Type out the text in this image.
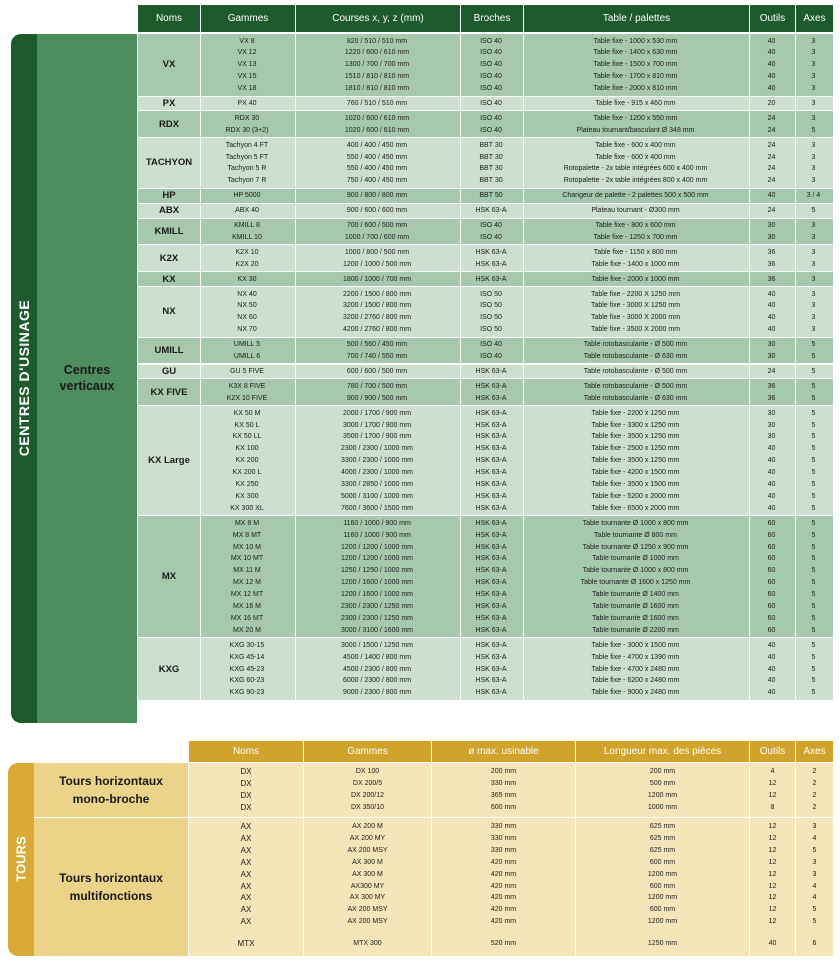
Noms	Gammes	Courses x, y, z (mm)	Broches	Table / palettes	Outils	Axes
CENTRES D'USINAGE	Centres verticaux
VX
VX 8	820 / 510 / 510 mm	ISO 40	Table fixe - 1000 x 530 mm	40	3
VX 12	1220 / 600 / 610 mm	ISO 40	Table fixe - 1400 x 630 mm	40	3
VX 13	1300 / 700 / 700 mm	ISO 40	Table fixe - 1500 x 700 mm	40	3
VX 15	1510 / 810 / 810 mm	ISO 40	Table fixe - 1700 x 810 mm	40	3
VX 18	1810 / 810 / 810 mm	ISO 40	Table fixe - 2000 x 810 mm	40	3
PX	PX 40	760 / 510 / 510 mm	ISO 40	Table fixe - 915 x 460 mm	20	3
RDX
RDX 30	1020 / 600 / 610 mm	ISO 40	Table fixe - 1200 x 550 mm	24	3
RDX 30 (3+2)	1020 / 600 / 610 mm	ISO 40	Plateau tournant/basculant Ø 348 mm	24	5
TACHYON
Tachyon 4 FT	400 / 400 / 450 mm	BBT 30	Table fixe - 600 x 400 mm	24	3
Tachyon 5 FT	550 / 400 / 450 mm	BBT 30	Table fixe - 600 x 400 mm	24	3
Tachyon 5 R	550 / 400 / 450 mm	BBT 30	Rotopalette - 2x table intégrées 600 x 400 mm	24	3
Tachyon 7 R	750 / 400 / 450 mm	BBT 30	Rotopalette - 2x table intégrées 800 x 400 mm	24	3
HP	HP 5000	900 / 800 / 800 mm	BBT 50	Changeur de palette - 2 palettes 500 x 500 mm	40	3 / 4
ABX	ABX 40	900 / 600 / 600 mm	HSK 63-A	Plateau tournant - Ø300 mm	24	5
KMILL
KMILL 8	700 / 600 / 500 mm	ISO 40	Table fixe - 800 x 600 mm	30	3
KMILL 10	1000 / 700 / 600 mm	ISO 40	Table fixe - 1250 x 700 mm	30	3
K2X
K2X 10	1000 / 800 / 500 mm	HSK 63-A	Table fixe - 1150 x 800 mm	36	3
K2X 20	1200 / 1000 / 500 mm	HSK 63-A	Table fixe - 1400 x 1000 mm	36	3
KX	KX 30	1800 / 1000 / 700 mm	HSK 63-A	Table fixe - 2000 x 1000 mm	36	3
NX
NX 40	2200 / 1500 / 800 mm	ISO 50	Table fixe - 2200 X 1250 mm	40	3
NX 50	3200 / 1500 / 800 mm	ISO 50	Table fixe - 3000 X 1250 mm	40	3
NX 60	3200 / 2760 / 800 mm	ISO 50	Table fixe - 3000 X 2000 mm	40	3
NX 70	4200 / 2760 / 800 mm	ISO 50	Table fixe - 3500 X 2000 mm	40	3
UMILL
UMILL 5	500 / 560 / 450 mm	ISO 40	Table rotobasculante - Ø 500 mm	30	5
UMILL 6	700 / 740 / 550 mm	ISO 40	Table rotobasculante - Ø 630 mm	30	5
GU	GU 5 FIVE	600 / 600 / 500 mm	HSK 63-A	Table rotobasculante - Ø 500 mm	24	5
KX FIVE
K3X 8 FIVE	780 / 700 / 500 mm	HSK 63-A	Table rotobasculante - Ø 500 mm	36	5
K2X 10 FIVE	900 / 900 / 500 mm	HSK 63-A	Table rotobasculante - Ø 630 mm	36	5
KX Large
KX 50 M	2000 / 1700 / 900 mm	HSK 63-A	Table fixe - 2200 x 1250 mm	30	5
KX 50 L	3000 / 1700 / 900 mm	HSK 63-A	Table fixe - 3300 x 1250 mm	30	5
KX 50 LL	3500 / 1700 / 900 mm	HSK 63-A	Table fixe - 3500 x 1250 mm	30	5
KX 100	2300 / 2300 / 1000 mm	HSK 63-A	Table fixe - 2500 x 1250 mm	40	5
KX 200	3300 / 2300 / 1000 mm	HSK 63-A	Table fixe - 3500 x 1250 mm	40	5
KX 200 L	4000 / 2300 / 1000 mm	HSK 63-A	Table fixe - 4200 x 1500 mm	40	5
KX 250	3300 / 2850 / 1000 mm	HSK 63-A	Table fixe - 3500 x 1500 mm	40	5
KX 300	5000 / 3100 / 1000 mm	HSK 63-A	Table fixe - 5200 x 2000 mm	40	5
KX 300 XL	7600 / 3600 / 1500 mm	HSK 63-A	Table fixe - 6500 x 2000 mm	40	5
MX
MX 8 M	1160 / 1000 / 900 mm	HSK 63-A	Table tournante Ø 1000 x 800 mm	60	5
MX 8 MT	1160 / 1000 / 900 mm	HSK 63-A	Table tournante Ø 800 mm	60	5
MX 10 M	1200 / 1200 / 1000 mm	HSK 63-A	Table tournante Ø 1250 x 900 mm	60	5
MX 10 MT	1200 / 1200 / 1000 mm	HSK 63-A	Table tournante Ø 1000 mm	60	5
MX 11 M	1250 / 1250 / 1000 mm	HSK 63-A	Table tournante Ø 1000 x 800 mm	60	5
MX 12 M	1200 / 1600 / 1000 mm	HSK 63-A	Table tournante Ø 1600 x 1250 mm	60	5
MX 12 MT	1200 / 1600 / 1000 mm	HSK 63-A	Table tournante Ø 1400 mm	60	5
MX 16 M	2300 / 2300 / 1250 mm	HSK 63-A	Table tournante Ø 1600 mm	60	5
MX 16 MT	2300 / 2300 / 1250 mm	HSK 63-A	Table tournante Ø 1600 mm	60	5
MX 20 M	3000 / 3100 / 1600 mm	HSK 63-A	Table tournante Ø 2200 mm	60	5
KXG
KXG 30-15	3000 / 1500 / 1250 mm	HSK 63-A	Table fixe - 3000 x 1500 mm	40	5
KXG 45-14	4500 / 1400 / 800 mm	HSK 63-A	Table fixe - 4700 x 1390 mm	40	5
KXG 45-23	4500 / 2300 / 800 mm	HSK 63-A	Table fixe - 4700 x 2480 mm	40	5
KXG 60-23	6000 / 2300 / 800 mm	HSK 63-A	Table fixe - 6200 x 2480 mm	40	5
KXG 90-23	9000 / 2300 / 800 mm	HSK 63-A	Table fixe - 9000 x 2480 mm	40	5
Noms	Gammes	ø max. usinable	Longueur max. des pièces	Outils	Axes
TOURS
Tours horizontaux mono-broche
DX	DX 100	200 mm	200 mm	4	2
DX	DX 200/5	330 mm	500 mm	12	2
DX	DX 200/12	365 mm	1200 mm	12	2
DX	DX 350/10	600 mm	1000 mm	8	2
Tours horizontaux multifonctions
AX	AX 200 M	330 mm	625 mm	12	3
AX	AX 200 MY	330 mm	625 mm	12	4
AX	AX 200 MSY	330 mm	625 mm	12	5
AX	AX 300 M	420 mm	600 mm	12	3
AX	AX 300 M	420 mm	1200 mm	12	3
AX	AX300 MY	420 mm	600 mm	12	4
AX	AX 300 MY	420 mm	1200 mm	12	4
AX	AX 200 MSY	420 mm	600 mm	12	5
AX	AX 200 MSY	420 mm	1200 mm	12	5
MTX	MTX 300	520 mm	1250 mm	40	6
